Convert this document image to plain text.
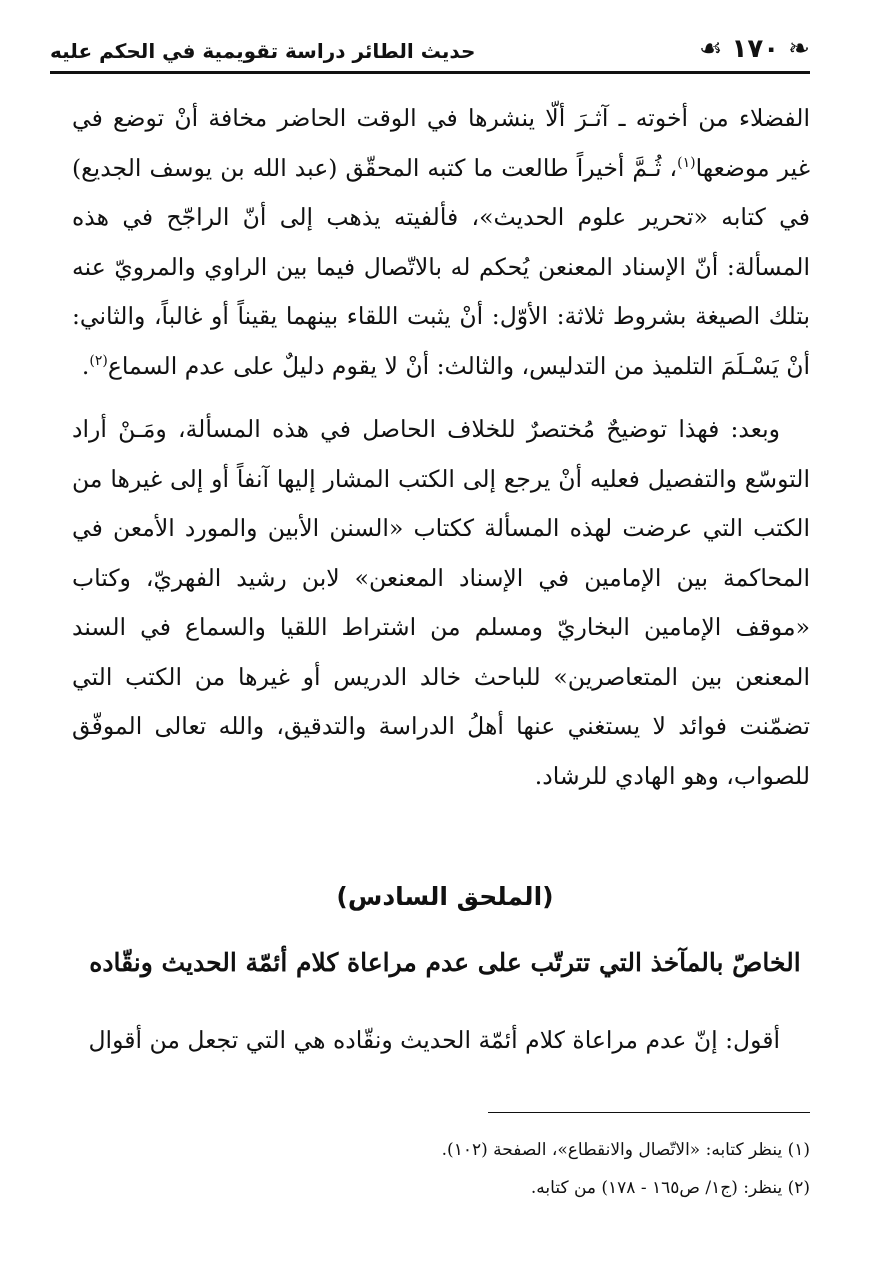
❧ ١٧٠ ☙
حديث الطائر دراسة تقويمية في الحكم عليه

الفضلاء من أخوته ـ آثـرَ ألّا ينشرها في الوقت الحاضر مخافة أنْ توضع في غير موضعها$^{(١)}$، ثُـمَّ أخيراً طالعت ما كتبه المحقّق (عبد الله بن يوسف الجديع) في كتابه «تحرير علوم الحديث»، فألفيته يذهب إلى أنّ الراجّح في هذه المسألة: أنّ الإسناد المعنعن يُحكم له بالاتّصال فيما بين الراوي والمرويّ عنه بتلك الصيغة بشروط ثلاثة: الأوّل: أنْ يثبت اللقاء بينهما يقيناً أو غالباً، والثاني: أنْ يَسْـلَمَ التلميذ من التدليس، والثالث: أنْ لا يقوم دليلٌ على عدم السماع$^{(٢)}$.

وبعد: فهذا توضيحٌ مُختصرٌ للخلاف الحاصل في هذه المسألة، ومَـنْ أراد التوسّع والتفصيل فعليه أنْ يرجع إلى الكتب المشار إليها آنفاً أو إلى غيرها من الكتب التي عرضت لهذه المسألة ككتاب «السنن الأبين والمورد الأمعن في المحاكمة بين الإمامين في الإسناد المعنعن» لابن رشيد الفهريّ، وكتاب «موقف الإمامين البخاريّ ومسلم من اشتراط اللقيا والسماع في السند المعنعن بين المتعاصرين» للباحث خالد الدريس أو غيرها من الكتب التي تضمّنت فوائد لا يستغني عنها أهلُ الدراسة والتدقيق، والله تعالى الموفّق للصواب، وهو الهادي للرشاد.

(الملحق السادس)
الخاصّ بالمآخذ التي تترتّب على عدم مراعاة كلام أئمّة الحديث ونقّاده

أقول: إنّ عدم مراعاة كلام أئمّة الحديث ونقّاده هي التي تجعل من أقوال

(١) ينظر كتابه: «الاتّصال والانقطاع»، الصفحة (١٠٢).

(٢) ينظر: (ج١/ ص١٦٥ - ١٧٨) من كتابه.
